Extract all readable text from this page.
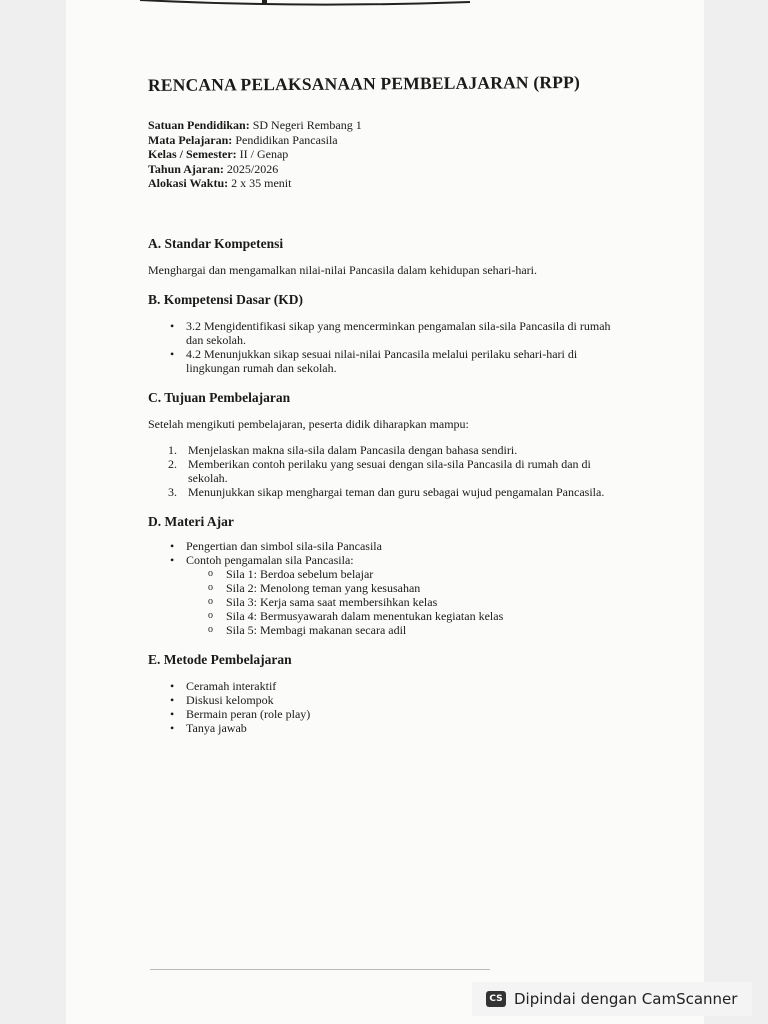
RENCANA PELAKSANAAN PEMBELAJARAN (RPP)
Satuan Pendidikan: SD Negeri Rembang 1
Mata Pelajaran: Pendidikan Pancasila
Kelas / Semester: II / Genap
Tahun Ajaran: 2025/2026
Alokasi Waktu: 2 x 35 menit
A. Standar Kompetensi

Menghargai dan mengamalkan nilai-nilai Pancasila dalam kehidupan sehari-hari.

B. Kompetensi Dasar (KD)
• 3.2 Mengidentifikasi sikap yang mencerminkan pengamalan sila-sila Pancasila di rumah dan sekolah.
• 4.2 Menunjukkan sikap sesuai nilai-nilai Pancasila melalui perilaku sehari-hari di lingkungan rumah dan sekolah.
C. Tujuan Pembelajaran

Setelah mengikuti pembelajaran, peserta didik diharapkan mampu:

1. Menjelaskan makna sila-sila dalam Pancasila dengan bahasa sendiri.
2. Memberikan contoh perilaku yang sesuai dengan sila-sila Pancasila di rumah dan di sekolah.
3. Menunjukkan sikap menghargai teman dan guru sebagai wujud pengamalan Pancasila.
D. Materi Ajar
• Pengertian dan simbol sila-sila Pancasila
• Contoh pengamalan sila Pancasila:
o Sila 1: Berdoa sebelum belajar
o Sila 2: Menolong teman yang kesusahan
o Sila 3: Kerja sama saat membersihkan kelas
o Sila 4: Bermusyawarah dalam menentukan kegiatan kelas
o Sila 5: Membagi makanan secara adil
E. Metode Pembelajaran
• Ceramah interaktif
• Diskusi kelompok
• Bermain peran (role play)
• Tanya jawab
CS Dipindai dengan CamScanner
